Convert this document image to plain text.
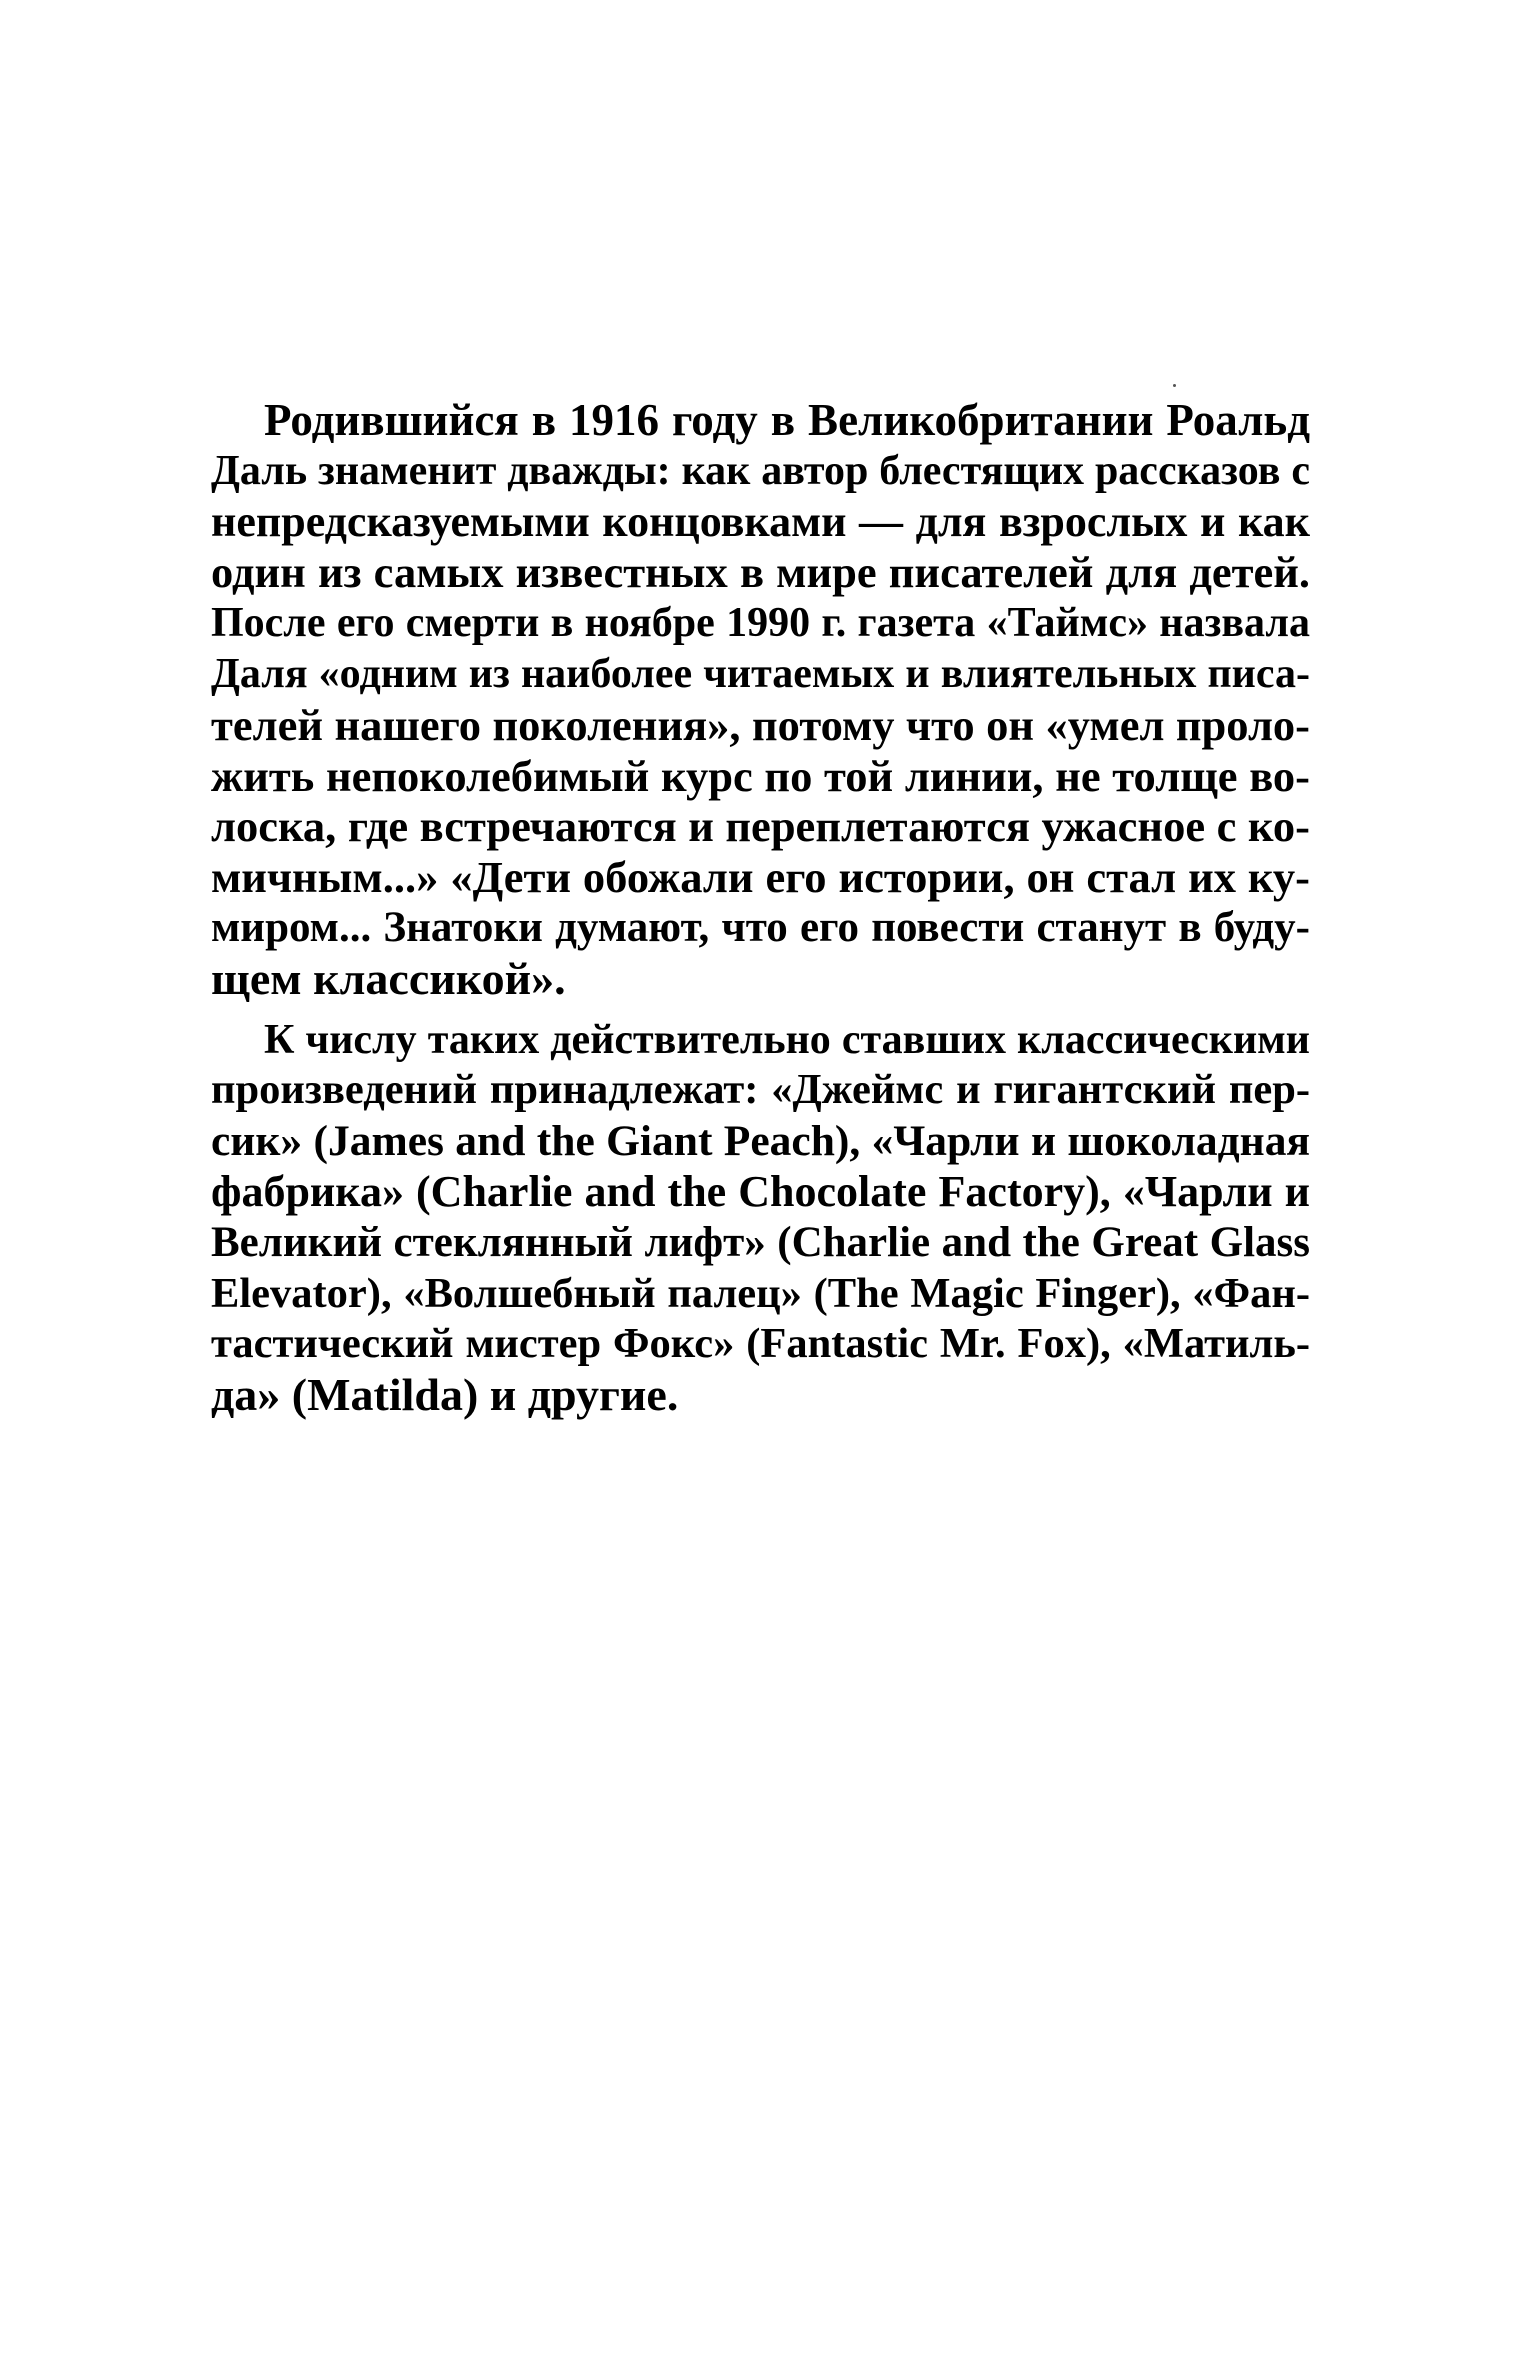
Родившийся в 1916 году в Великобритании Роальд
Даль знаменит дважды: как автор блестящих рассказов с
непредсказуемыми концовками — для взрослых и как
один из самых известных в мире писателей для детей.
После его смерти в ноябре 1990 г. газета «Таймс» назвала
Даля «одним из наиболее читаемых и влиятельных писа-
телей нашего поколения», потому что он «умел проло-
жить непоколебимый курс по той линии, не толще во-
лоска, где встречаются и переплетаются ужасное с ко-
мичным...» «Дети обожали его истории, он стал их ку-
миром... Знатоки думают, что его повести станут в буду-
щем классикой».
К числу таких действительно ставших классическими
произведений принадлежат: «Джеймс и гигантский пер-
сик» (James and the Giant Peach), «Чарли и шоколадная
фабрика» (Charlie and the Chocolate Factory), «Чарли и
Великий стеклянный лифт» (Charlie and the Great Glass
Elevator), «Волшебный палец» (The Magic Finger), «Фан-
тастический мистер Фокс» (Fantastic Mr. Fox), «Матиль-
да» (Matilda) и другие.
